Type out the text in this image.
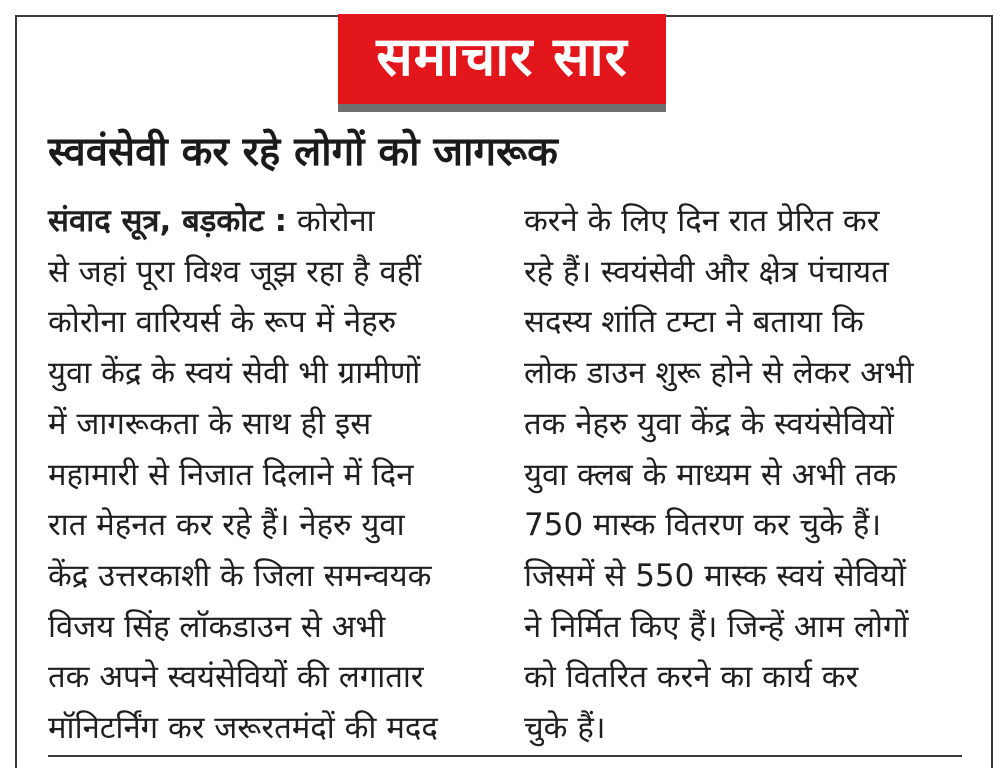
समाचार सार
स्ववंसेवी कर रहे लोगों को जागरूक
संवाद सूत्र, बड़कोट : कोरोना
से जहां पूरा विश्व जूझ रहा है वहीं
कोरोना वारियर्स के रूप में नेहरु
युवा केंद्र के स्वयं सेवी भी ग्रामीणों
में जागरूकता के साथ ही इस
महामारी से निजात दिलाने में दिन
रात मेहनत कर रहे हैं। नेहरु युवा
केंद्र उत्तरकाशी के जिला समन्वयक
विजय सिंह लॉकडाउन से अभी
तक अपने स्वयंसेवियों की लगातार
मॉनिटर्निंग कर जरूरतमंदों की मदद
करने के लिए दिन रात प्रेरित कर
रहे हैं। स्वयंसेवी और क्षेत्र पंचायत
सदस्य शांति टम्टा ने बताया कि
लोक डाउन शुरू होने से लेकर अभी
तक नेहरु युवा केंद्र के स्वयंसेवियों
युवा क्लब के माध्यम से अभी तक
750 मास्क वितरण कर चुके हैं।
जिसमें से 550 मास्क स्वयं सेवियों
ने निर्मित किए हैं। जिन्हें आम लोगों
को वितरित करने का कार्य कर
चुके हैं।
